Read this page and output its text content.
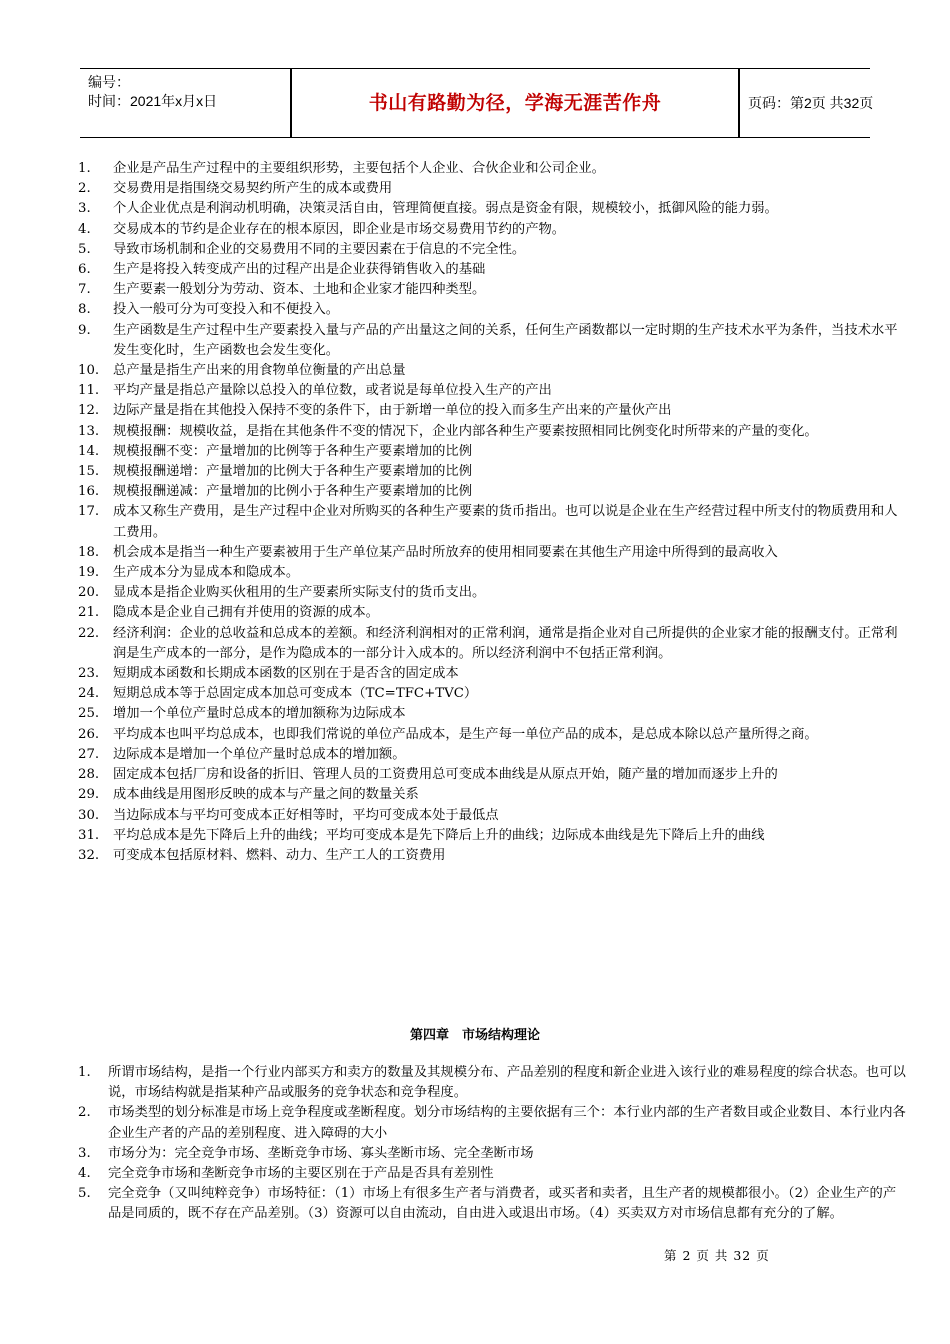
编号：
时间：2021年x月x日	书山有路勤为径，学海无涯苦作舟	页码：第2页 共32页
1.	企业是产品生产过程中的主要组织形势，主要包括个人企业、合伙企业和公司企业。
2.	交易费用是指围绕交易契约所产生的成本或费用
3.	个人企业优点是利润动机明确，决策灵活自由，管理简便直接。弱点是资金有限，规模较小，抵御风险的能力弱。
4.	交易成本的节约是企业存在的根本原因，即企业是市场交易费用节约的产物。
5.	导致市场机制和企业的交易费用不同的主要因素在于信息的不完全性。
6.	生产是将投入转变成产出的过程产出是企业获得销售收入的基础
7.	生产要素一般划分为劳动、资本、土地和企业家才能四种类型。
8.	投入一般可分为可变投入和不便投入。
9.	生产函数是生产过程中生产要素投入量与产品的产出量这之间的关系，任何生产函数都以一定时期的生产技术水平为条件，当技术水平发生变化时，生产函数也会发生变化。
10.	总产量是指生产出来的用食物单位衡量的产出总量
11.	平均产量是指总产量除以总投入的单位数，或者说是每单位投入生产的产出
12.	边际产量是指在其他投入保持不变的条件下，由于新增一单位的投入而多生产出来的产量伙产出
13.	规模报酬：规模收益，是指在其他条件不变的情况下，企业内部各种生产要素按照相同比例变化时所带来的产量的变化。
14.	规模报酬不变：产量增加的比例等于各种生产要素增加的比例
15.	规模报酬递增：产量增加的比例大于各种生产要素增加的比例
16.	规模报酬递减：产量增加的比例小于各种生产要素增加的比例
17.	成本又称生产费用，是生产过程中企业对所购买的各种生产要素的货币指出。也可以说是企业在生产经营过程中所支付的物质费用和人工费用。
18.	机会成本是指当一种生产要素被用于生产单位某产品时所放弃的使用相同要素在其他生产用途中所得到的最高收入
19.	生产成本分为显成本和隐成本。
20.	显成本是指企业购买伙租用的生产要素所实际支付的货币支出。
21.	隐成本是企业自己拥有并使用的资源的成本。
22.	经济利润：企业的总收益和总成本的差额。和经济利润相对的正常利润，通常是指企业对自己所提供的企业家才能的报酬支付。正常利润是生产成本的一部分，是作为隐成本的一部分计入成本的。所以经济利润中不包括正常利润。
23.	短期成本函数和长期成本函数的区别在于是否含的固定成本
24.	短期总成本等于总固定成本加总可变成本（TC=TFC+TVC）
25.	增加一个单位产量时总成本的增加额称为边际成本
26.	平均成本也叫平均总成本，也即我们常说的单位产品成本，是生产每一单位产品的成本，是总成本除以总产量所得之商。
27.	边际成本是增加一个单位产量时总成本的增加额。
28.	固定成本包括厂房和设备的折旧、管理人员的工资费用总可变成本曲线是从原点开始，随产量的增加而逐步上升的
29.	成本曲线是用图形反映的成本与产量之间的数量关系
30.	当边际成本与平均可变成本正好相等时，平均可变成本处于最低点
31.	平均总成本是先下降后上升的曲线；平均可变成本是先下降后上升的曲线；边际成本曲线是先下降后上升的曲线
32.	可变成本包括原材料、燃料、动力、生产工人的工资费用
第四章　市场结构理论
1.	所谓市场结构，是指一个行业内部买方和卖方的数量及其规模分布、产品差别的程度和新企业进入该行业的难易程度的综合状态。也可以说，市场结构就是指某种产品或服务的竞争状态和竞争程度。
2.	市场类型的划分标准是市场上竞争程度或垄断程度。划分市场结构的主要依据有三个：本行业内部的生产者数目或企业数目、本行业内各企业生产者的产品的差别程度、进入障碍的大小
3.	市场分为：完全竞争市场、垄断竞争市场、寡头垄断市场、完全垄断市场
4.	完全竞争市场和垄断竞争市场的主要区别在于产品是否具有差别性
5.	完全竞争（又叫纯粹竞争）市场特征：（1）市场上有很多生产者与消费者，或买者和卖者，且生产者的规模都很小。（2）企业生产的产品是同质的，既不存在产品差别。（3）资源可以自由流动，自由进入或退出市场。（4）买卖双方对市场信息都有充分的了解。
第 2 页 共 32 页
